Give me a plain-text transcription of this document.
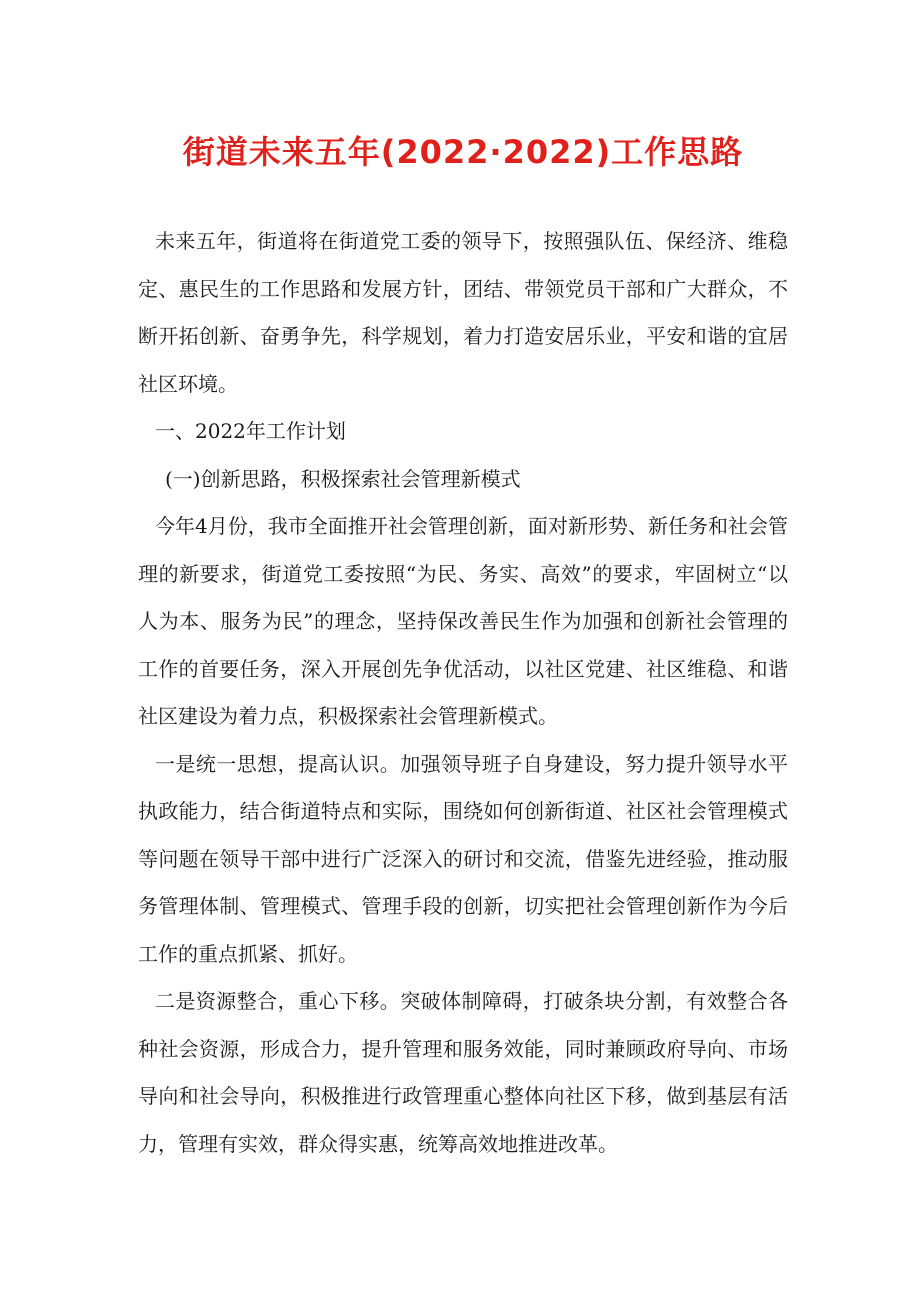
街道未来五年(2022·2022)工作思路

未来五年，街道将在街道党工委的领导下，按照强队伍、保经济、维稳定、惠民生的工作思路和发展方针，团结、带领党员干部和广大群众，不断开拓创新、奋勇争先，科学规划，着力打造安居乐业，平安和谐的宜居社区环境。

一、2022年工作计划

(一)创新思路，积极探索社会管理新模式

今年4月份，我市全面推开社会管理创新，面对新形势、新任务和社会管理的新要求，街道党工委按照“为民、务实、高效”的要求，牢固树立“以人为本、服务为民”的理念，坚持保改善民生作为加强和创新社会管理的工作的首要任务，深入开展创先争优活动，以社区党建、社区维稳、和谐社区建设为着力点，积极探索社会管理新模式。

一是统一思想，提高认识。加强领导班子自身建设，努力提升领导水平执政能力，结合街道特点和实际，围绕如何创新街道、社区社会管理模式等问题在领导干部中进行广泛深入的研讨和交流，借鉴先进经验，推动服务管理体制、管理模式、管理手段的创新，切实把社会管理创新作为今后工作的重点抓紧、抓好。

二是资源整合，重心下移。突破体制障碍，打破条块分割，有效整合各种社会资源，形成合力，提升管理和服务效能，同时兼顾政府导向、市场导向和社会导向，积极推进行政管理重心整体向社区下移，做到基层有活力，管理有实效，群众得实惠，统筹高效地推进改革。
